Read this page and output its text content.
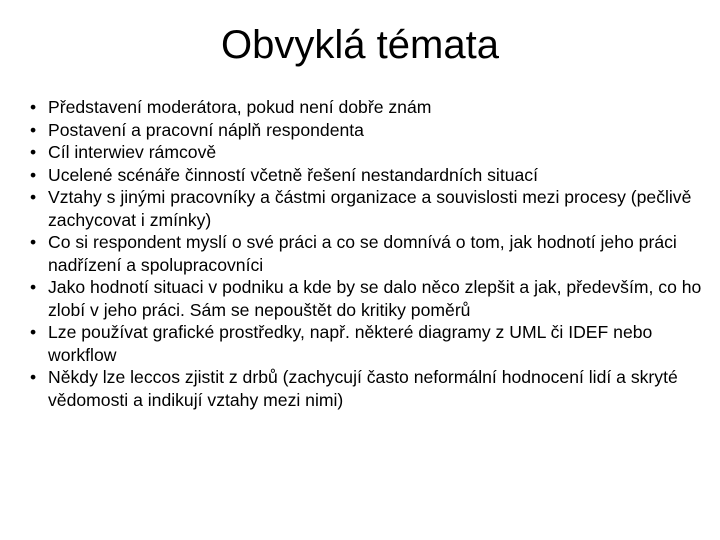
Obvyklá témata
• Představení moderátora, pokud není dobře znám
• Postavení a pracovní náplň respondenta
• Cíl interwiev rámcově
• Ucelené scénáře činností včetně řešení nestandardních situací
• Vztahy s jinými pracovníky a částmi organizace a souvislosti mezi procesy (pečlivě zachycovat i zmínky)
• Co si respondent myslí o své práci a co se domnívá o tom, jak hodnotí jeho práci nadřízení a spolupracovníci
• Jako hodnotí situaci v podniku a kde by se dalo něco zlepšit a jak, především, co ho zlobí v jeho práci. Sám se nepouštět do kritiky poměrů
• Lze používat grafické prostředky, např. některé diagramy z UML či IDEF nebo workflow
• Někdy lze leccos zjistit z drbů (zachycují často neformální hodnocení lidí a skryté vědomosti a indikují vztahy mezi nimi)
